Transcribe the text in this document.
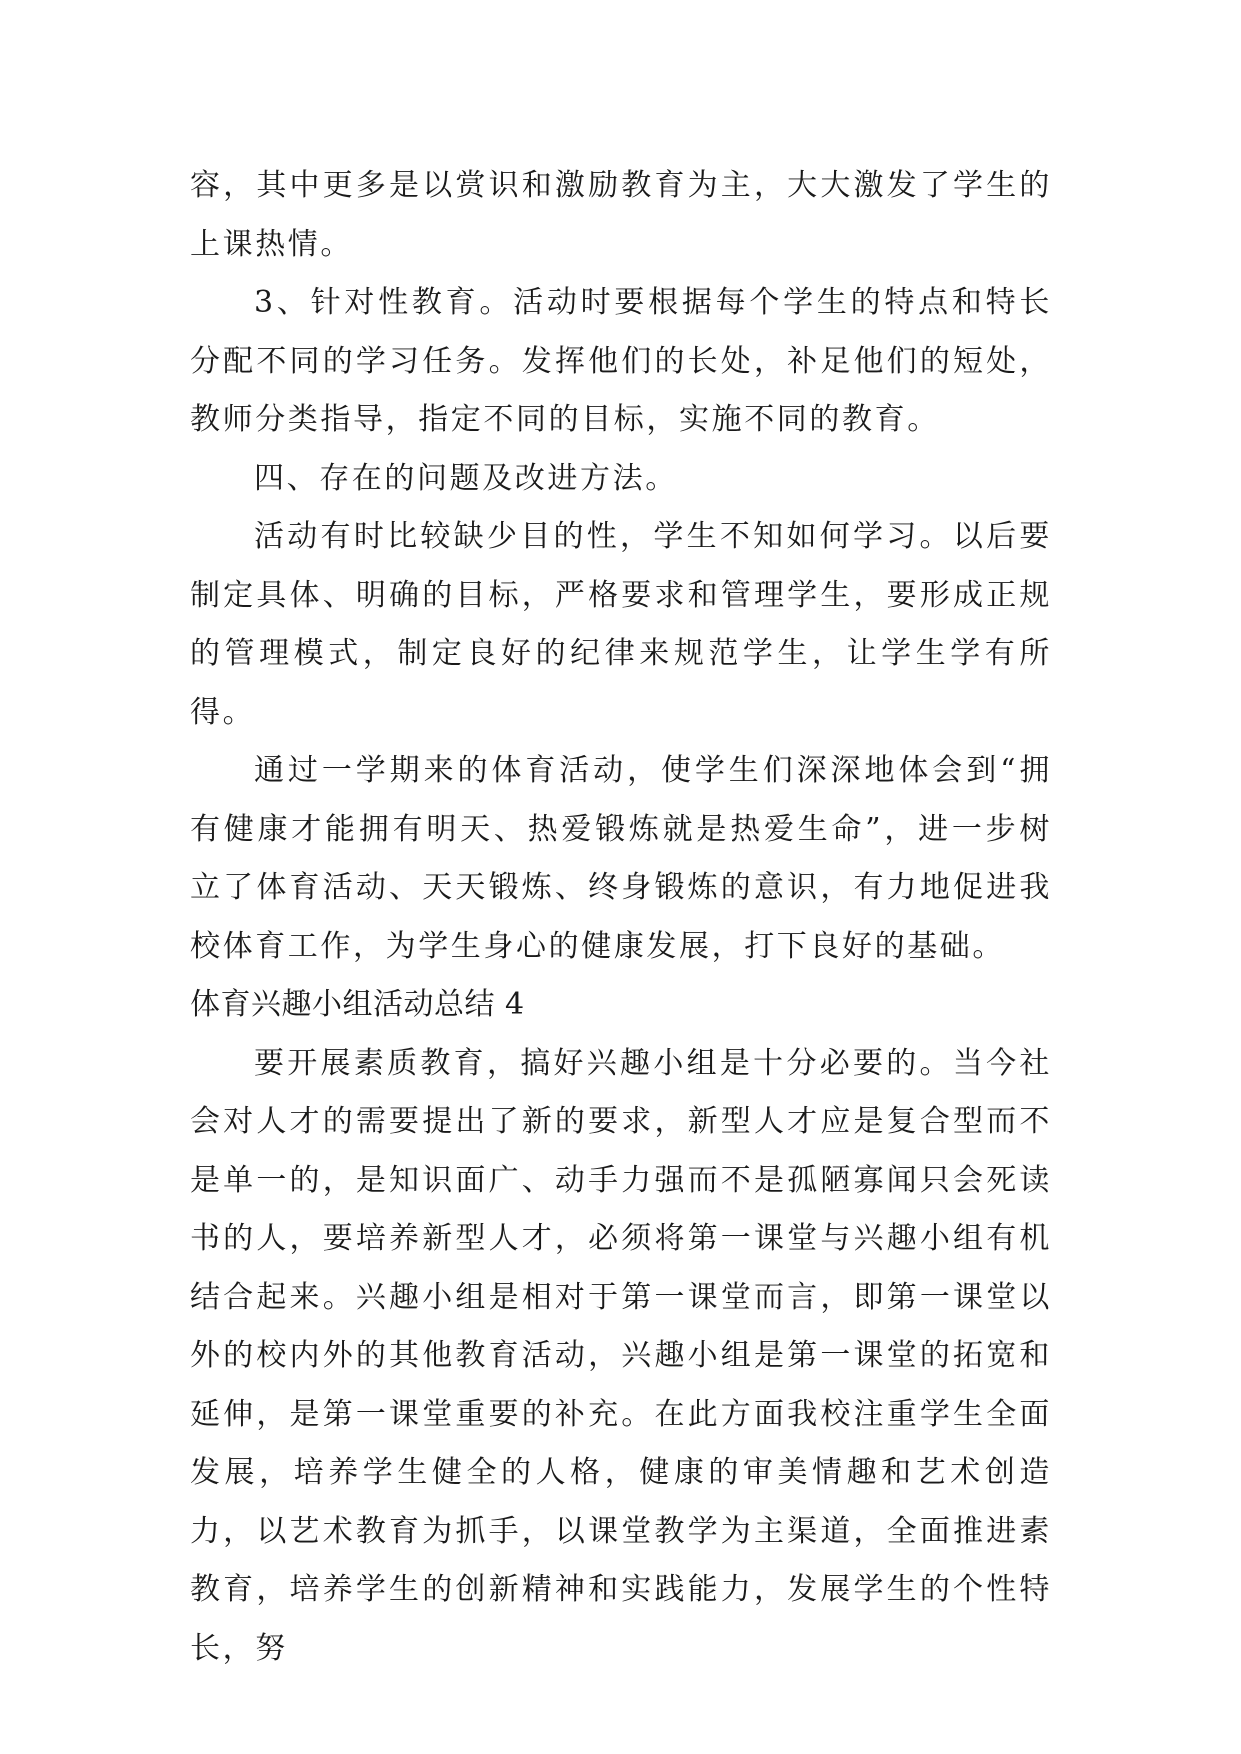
容，其中更多是以赏识和激励教育为主，大大激发了学生的上课热情。

3、针对性教育。活动时要根据每个学生的特点和特长分配不同的学习任务。发挥他们的长处，补足他们的短处，教师分类指导，指定不同的目标，实施不同的教育。

四、存在的问题及改进方法。

活动有时比较缺少目的性，学生不知如何学习。以后要制定具体、明确的目标，严格要求和管理学生，要形成正规的管理模式，制定良好的纪律来规范学生，让学生学有所得。

通过一学期来的体育活动，使学生们深深地体会到“拥有健康才能拥有明天、热爱锻炼就是热爱生命”，进一步树立了体育活动、天天锻炼、终身锻炼的意识，有力地促进我校体育工作，为学生身心的健康发展，打下良好的基础。

体育兴趣小组活动总结 4

要开展素质教育，搞好兴趣小组是十分必要的。当今社会对人才的需要提出了新的要求，新型人才应是复合型而不是单一的，是知识面广、动手力强而不是孤陋寡闻只会死读书的人，要培养新型人才，必须将第一课堂与兴趣小组有机结合起来。兴趣小组是相对于第一课堂而言，即第一课堂以外的校内外的其他教育活动，兴趣小组是第一课堂的拓宽和延伸，是第一课堂重要的补充。在此方面我校注重学生全面发展，培养学生健全的人格，健康的审美情趣和艺术创造力，以艺术教育为抓手，以课堂教学为主渠道，全面推进素教育，培养学生的创新精神和实践能力，发展学生的个性特长，努
